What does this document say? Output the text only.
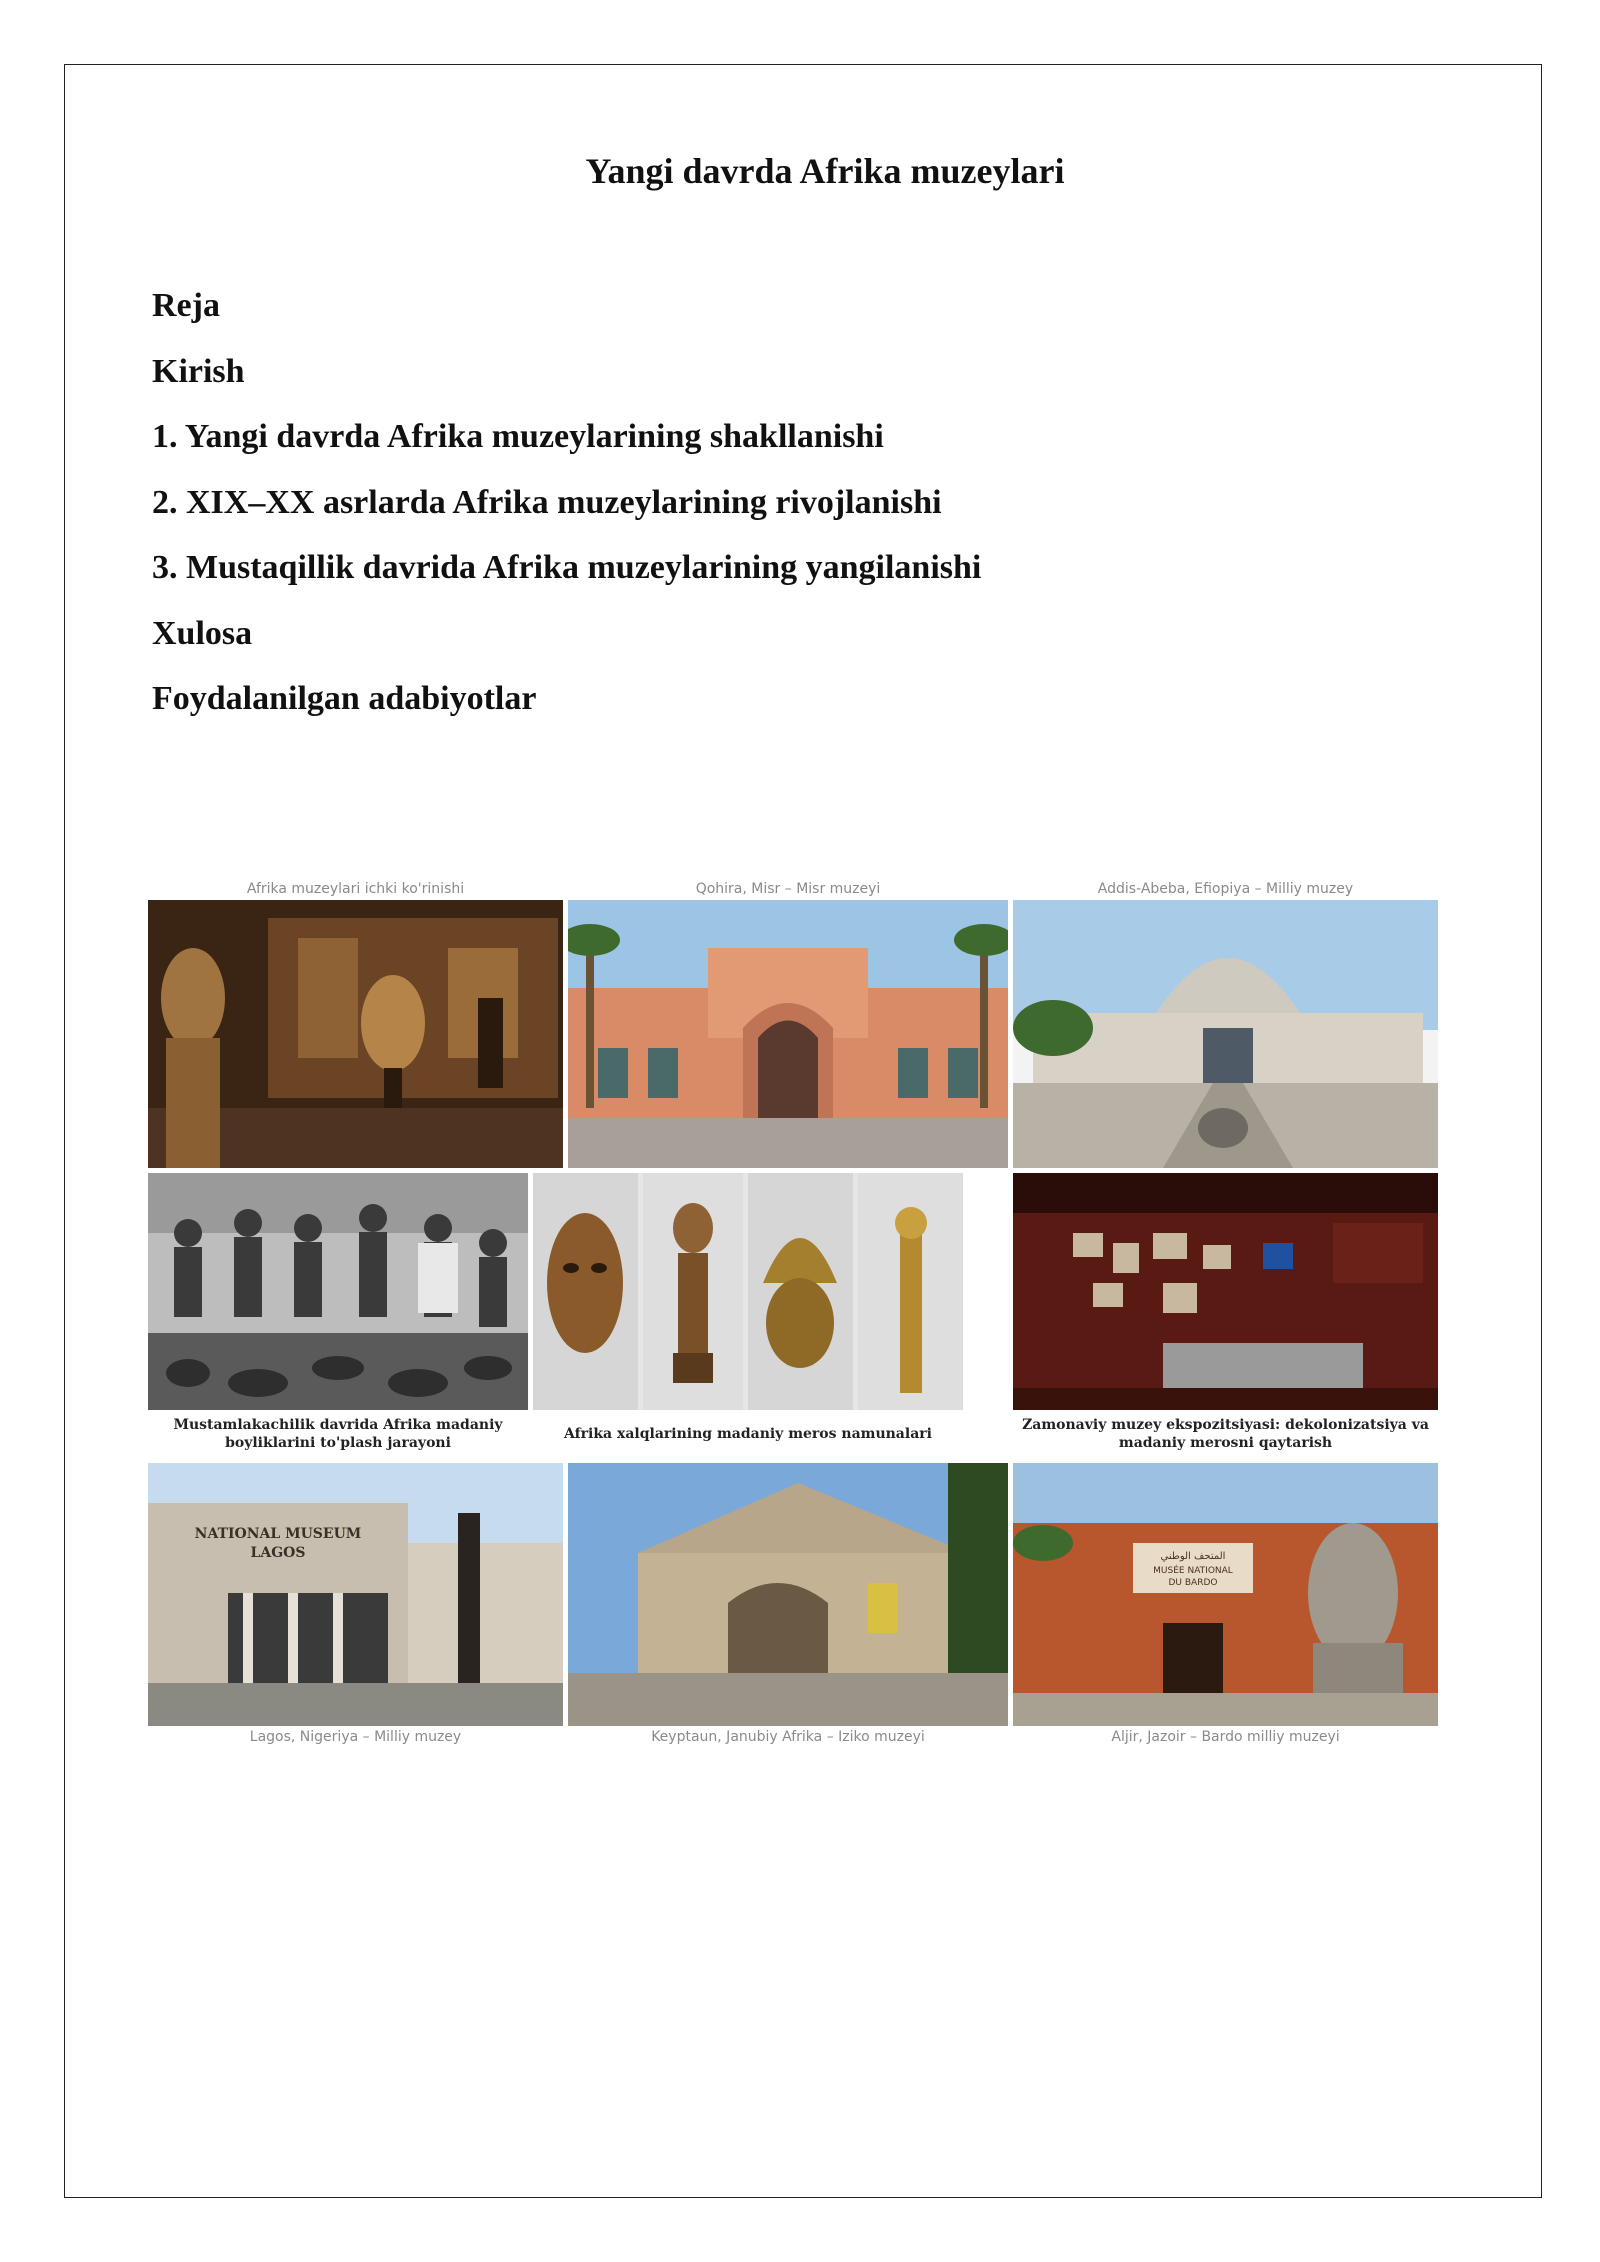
Yangi davrda Afrika muzeylari
Reja
Kirish
1. Yangi davrda Afrika muzeylarining shakllanishi
2. XIX–XX asrlarda Afrika muzeylarining rivojlanishi
3. Mustaqillik davrida Afrika muzeylarining yangilanishi
Xulosa
Foydalanilgan adabiyotlar
Afrika muzeylari ichki ko'rinishi	Qohira, Misr – Misr muzeyi	Addis-Abeba, Efiopiya – Milliy muzey
Mustamlakachilik davrida Afrika madaniy boyliklarini to'plash jarayoni
Afrika xalqlarining madaniy meros namunalari
Zamonaviy muzey ekspozitsiyasi: dekolonizatsiya va madaniy merosni qaytarish
NATIONAL MUSEUM
LAGOS
Lagos, Nigeriya – Milliy muzey	Keyptaun, Janubiy Afrika – Iziko muzeyi
المتحف الوطني
MUSÉE NATIONAL
DU BARDO
Aljir, Jazoir – Bardo milliy muzeyi
